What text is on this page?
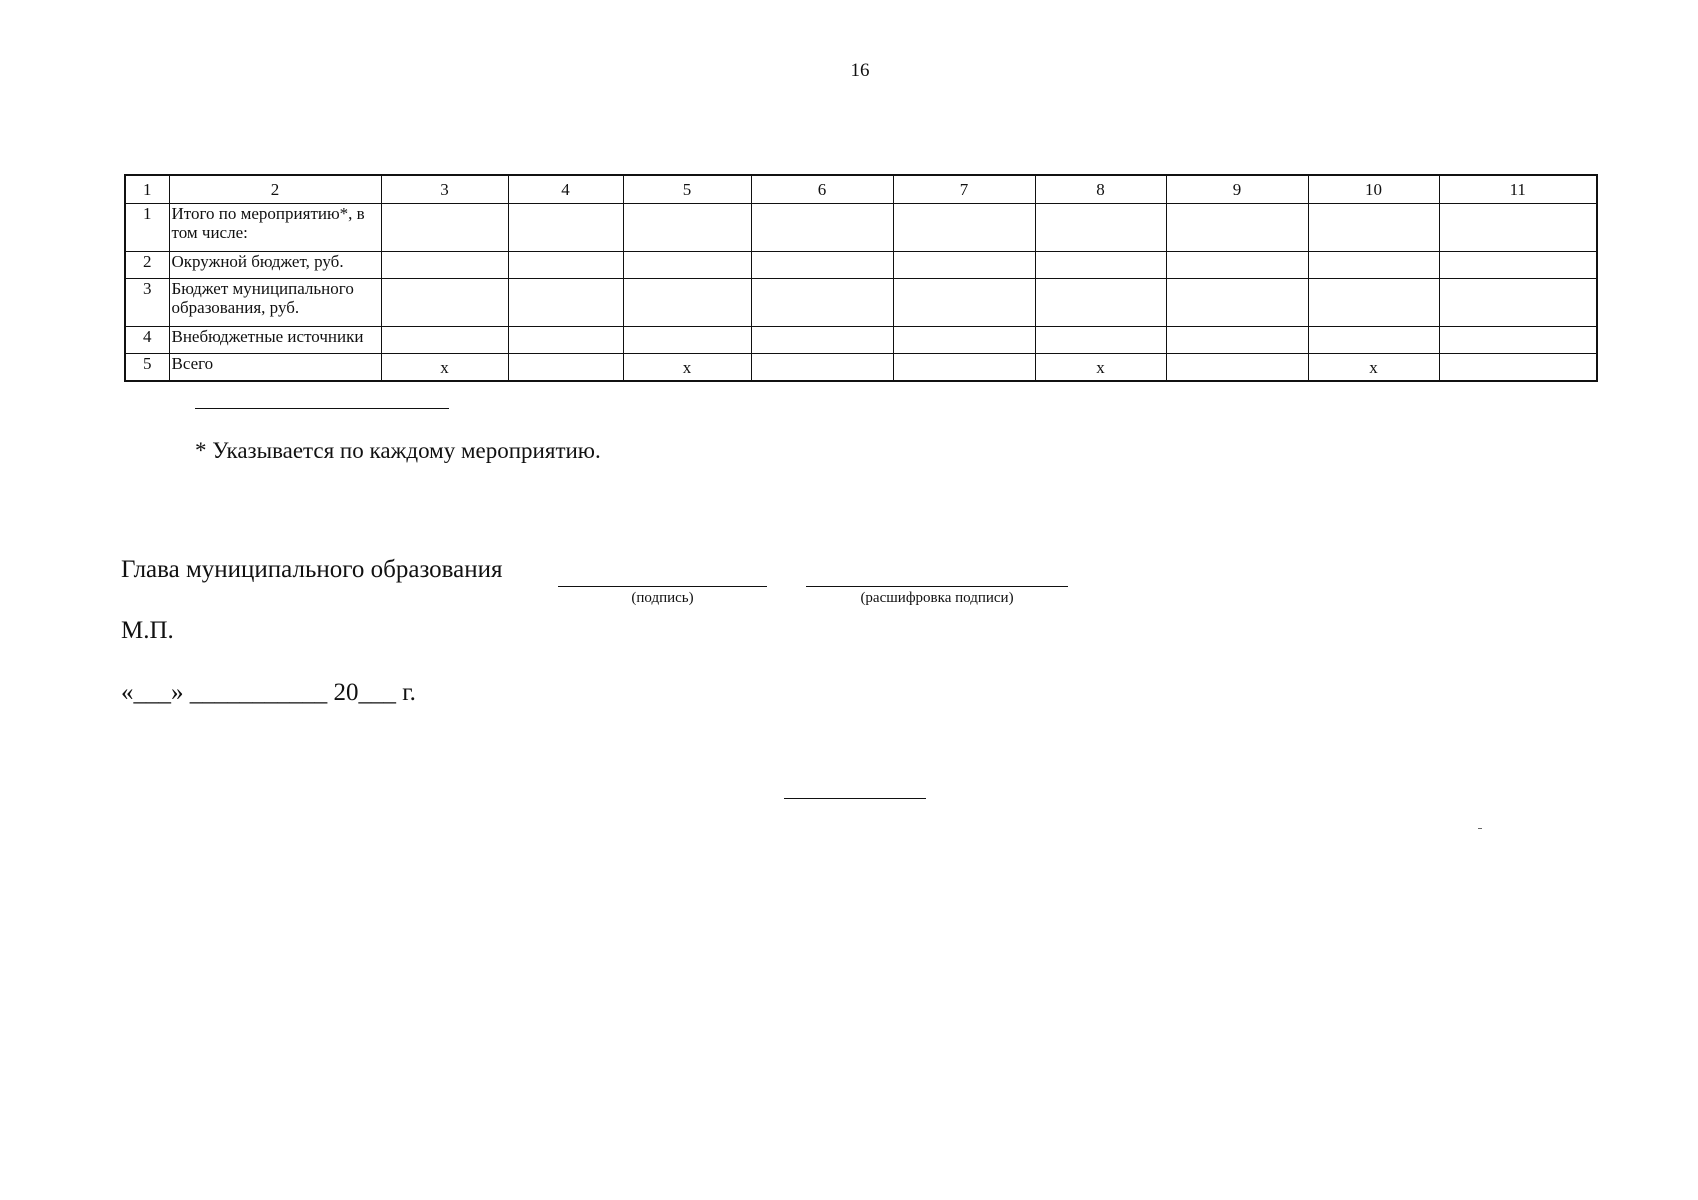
16
1	2	3	4	5	6	7	8	9	10	11
1	Итого по мероприятию*, в том числе:									
2	Окружной бюджет, руб.									
3	Бюджет муниципального образования, руб.									
4	Внебюджетные источники									
5	Всего	x		x			x		x	
* Указывается по каждому мероприятию.
Глава муниципального образования
(подпись)	(расшифровка подписи)
М.П.
«___» ___________ 20___ г.
